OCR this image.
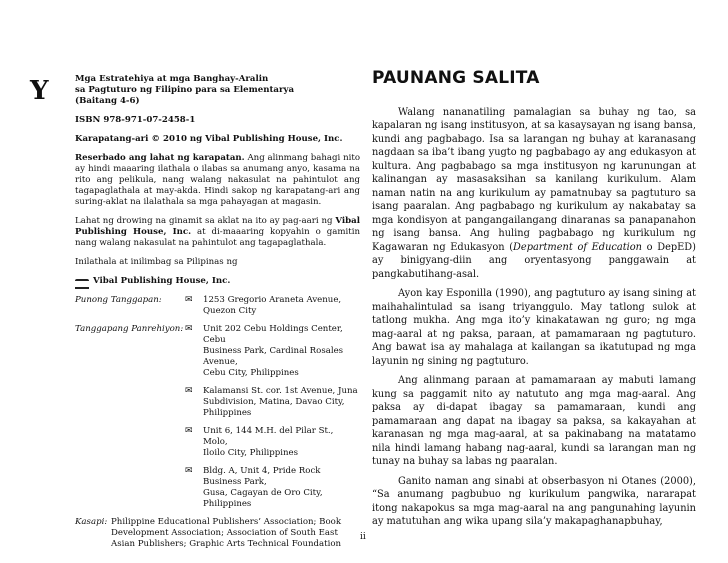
Υ	Mga Estratehiya at mga Banghay-Aralin
sa Pagtuturo ng Filipino para sa Elementarya
(Baitang 4-6)

ISBN 978-971-07-2458-1

Karapatang-ari © 2010 ng Vibal Publishing House, Inc.

Reserbado ang lahat ng karapatan. Ang alinmang bahagi nito ay hindi maaaring ilathala o ilabas sa anumang anyo, kasama na rito ang pelikula, nang walang nakasulat na pahintulot ang tagapaglathala at may-akda. Hindi sakop ng karapatang-ari ang suring-aklat na ilalathala sa mga pahayagan at magasin.

Lahat ng drowing na ginamit sa aklat na ito ay pag-aari ng Vibal Publishing House, Inc. at di-maaaring kopyahin o gamitin nang walang nakasulat na pahintulot ang tagapaglathala.

Inilathala at inilimbag sa Pilipinas ng

Vibal Publishing House, Inc.
Punong Tanggapan:	✉	1253 Gregorio Araneta Avenue,
Quezon City
Tanggapang Panrehiyon: ✉	Unit 202 Cebu Holdings Center, Cebu
Business Park, Cardinal Rosales Avenue,
Cebu City, Philippines
✉	Kalamansi St. cor. 1st Avenue, Juna
Subdivision, Matina, Davao City,
Philippines
✉	Unit 6, 144 M.H. del Pilar St., Molo,
Iloilo City, Philippines
✉	Bldg. A, Unit 4, Pride Rock Business Park,
Gusa, Cagayan de Oro City, Philippines
Kasapi: Philippine Educational Publishers’ Association; Book Development Association; Association of South East Asian Publishers; Graphic Arts Technical Foundation
PAUNANG SALITA

Walang nananatiling pamalagian sa buhay ng tao, sa kapalaran ng isang institusyon, at sa kasaysayan ng isang bansa, kundi ang pagbabago. Isa sa larangan ng buhay at karanasang nagdaan sa iba’t ibang yugto ng pagbabago ay ang edukasyon at kultura. Ang pagbabago sa mga institusyon ng karunungan at kalinangan ay masasaksihan sa kanilang kurikulum. Alam naman natin na ang kurikulum ay pamatnubay sa pagtuturo sa isang paaralan. Ang pagbabago ng kurikulum ay nakabatay sa mga kondisyon at pangangailangang dinaranas sa panapanahon ng isang bansa. Ang huling pagbabago ng kurikulum ng Kagawaran ng Edukasyon (Department of Education o DepED) ay binigyang-diin ang oryentasyong panggawain at pangkabutihang-asal.

Ayon kay Esponilla (1990), ang pagtuturo ay isang sining at maihahalintulad sa isang triyanggulo. May tatlong sulok at tatlong mukha. Ang mga ito’y kinakatawan ng guro; ng mga mag-aaral at ng paksa, paraan, at pamamaraan ng pagtuturo. Ang bawat isa ay mahalaga at kailangan sa ikatutupad ng mga layunin ng sining ng pagtuturo.

Ang alinmang paraan at pamamaraan ay mabuti lamang kung sa paggamit nito ay natututo ang mga mag-aaral. Ang paksa ay di-dapat ibagay sa pamamaraan, kundi ang pamamaraan ang dapat na ibagay sa paksa, sa kakayahan at karanasan ng mga mag-aaral, at sa pakinabang na matatamo nila hindi lamang habang nag-aaral, kundi sa larangan man ng tunay na buhay sa labas ng paaralan.

Ganito naman ang sinabi at obserbasyon ni Otanes (2000), “Sa anumang pagbubuo ng kurikulum pangwika, nararapat itong nakapokus sa mga mag-aaral na ang pangunahing layunin ay matutuhan ang wika upang sila’y makapaghanapbuhay,

ii
